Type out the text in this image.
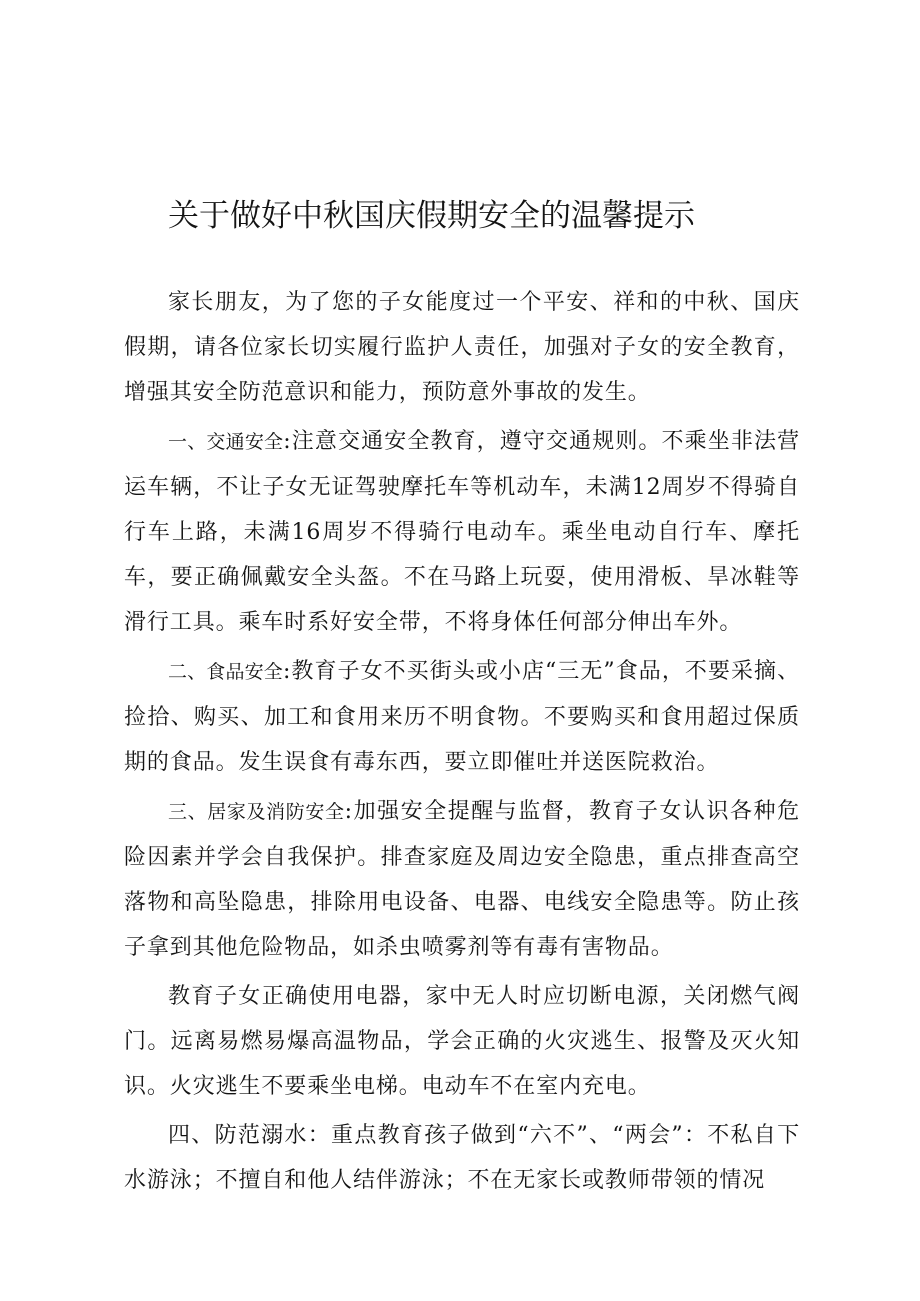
关于做好中秋国庆假期安全的温馨提示

家长朋友，为了您的子女能度过一个平安、祥和的中秋、国庆假期，请各位家长切实履行监护人责任，加强对子女的安全教育，增强其安全防范意识和能力，预防意外事故的发生。

一、交通安全:注意交通安全教育，遵守交通规则。不乘坐非法营运车辆，不让子女无证驾驶摩托车等机动车，未满12周岁不得骑自行车上路，未满16周岁不得骑行电动车。乘坐电动自行车、摩托车，要正确佩戴安全头盔。不在马路上玩耍，使用滑板、旱冰鞋等滑行工具。乘车时系好安全带，不将身体任何部分伸出车外。

二、食品安全:教育子女不买街头或小店“三无”食品，不要采摘、捡拾、购买、加工和食用来历不明食物。不要购买和食用超过保质期的食品。发生误食有毒东西，要立即催吐并送医院救治。

三、居家及消防安全:加强安全提醒与监督，教育子女认识各种危险因素并学会自我保护。排查家庭及周边安全隐患，重点排查高空落物和高坠隐患，排除用电设备、电器、电线安全隐患等。防止孩子拿到其他危险物品，如杀虫喷雾剂等有毒有害物品。

教育子女正确使用电器，家中无人时应切断电源，关闭燃气阀门。远离易燃易爆高温物品，学会正确的火灾逃生、报警及灭火知识。火灾逃生不要乘坐电梯。电动车不在室内充电。

四、防范溺水：重点教育孩子做到“六不”、“两会”：不私自下水游泳；不擅自和他人结伴游泳；不在无家长或教师带领的情况
